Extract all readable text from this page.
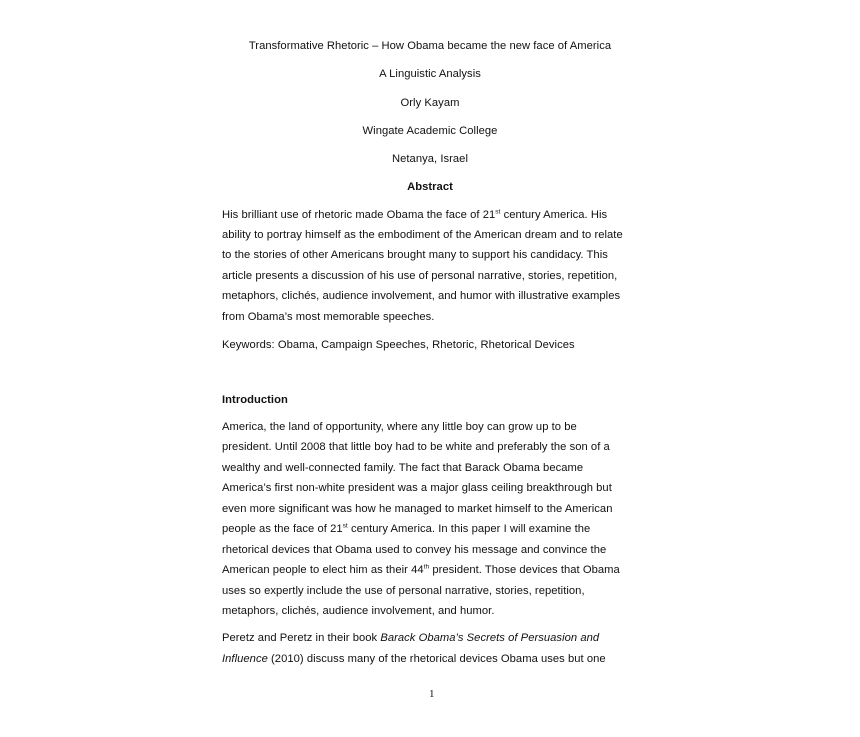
Transformative Rhetoric – How Obama became the new face of America
A Linguistic Analysis
Orly Kayam
Wingate Academic College
Netanya, Israel
Abstract
His brilliant use of rhetoric made Obama the face of 21st century America. His
ability to portray himself as the embodiment of the American dream and to relate
to the stories of other Americans brought many to support his candidacy. This
article presents a discussion of his use of personal narrative, stories, repetition,
metaphors, clichés, audience involvement, and humor with illustrative examples
from Obama’s most memorable speeches.
Keywords: Obama, Campaign Speeches, Rhetoric, Rhetorical Devices
Introduction
America, the land of opportunity, where any little boy can grow up to be
president. Until 2008 that little boy had to be white and preferably the son of a
wealthy and well-connected family. The fact that Barack Obama became
America’s first non-white president was a major glass ceiling breakthrough but
even more significant was how he managed to market himself to the American
people as the face of 21st century America. In this paper I will examine the
rhetorical devices that Obama used to convey his message and convince the
American people to elect him as their 44th president. Those devices that Obama
uses so expertly include the use of personal narrative, stories, repetition,
metaphors, clichés, audience involvement, and humor.
Peretz and Peretz in their book Barack Obama’s Secrets of Persuasion and
Influence (2010) discuss many of the rhetorical devices Obama uses but one
1
